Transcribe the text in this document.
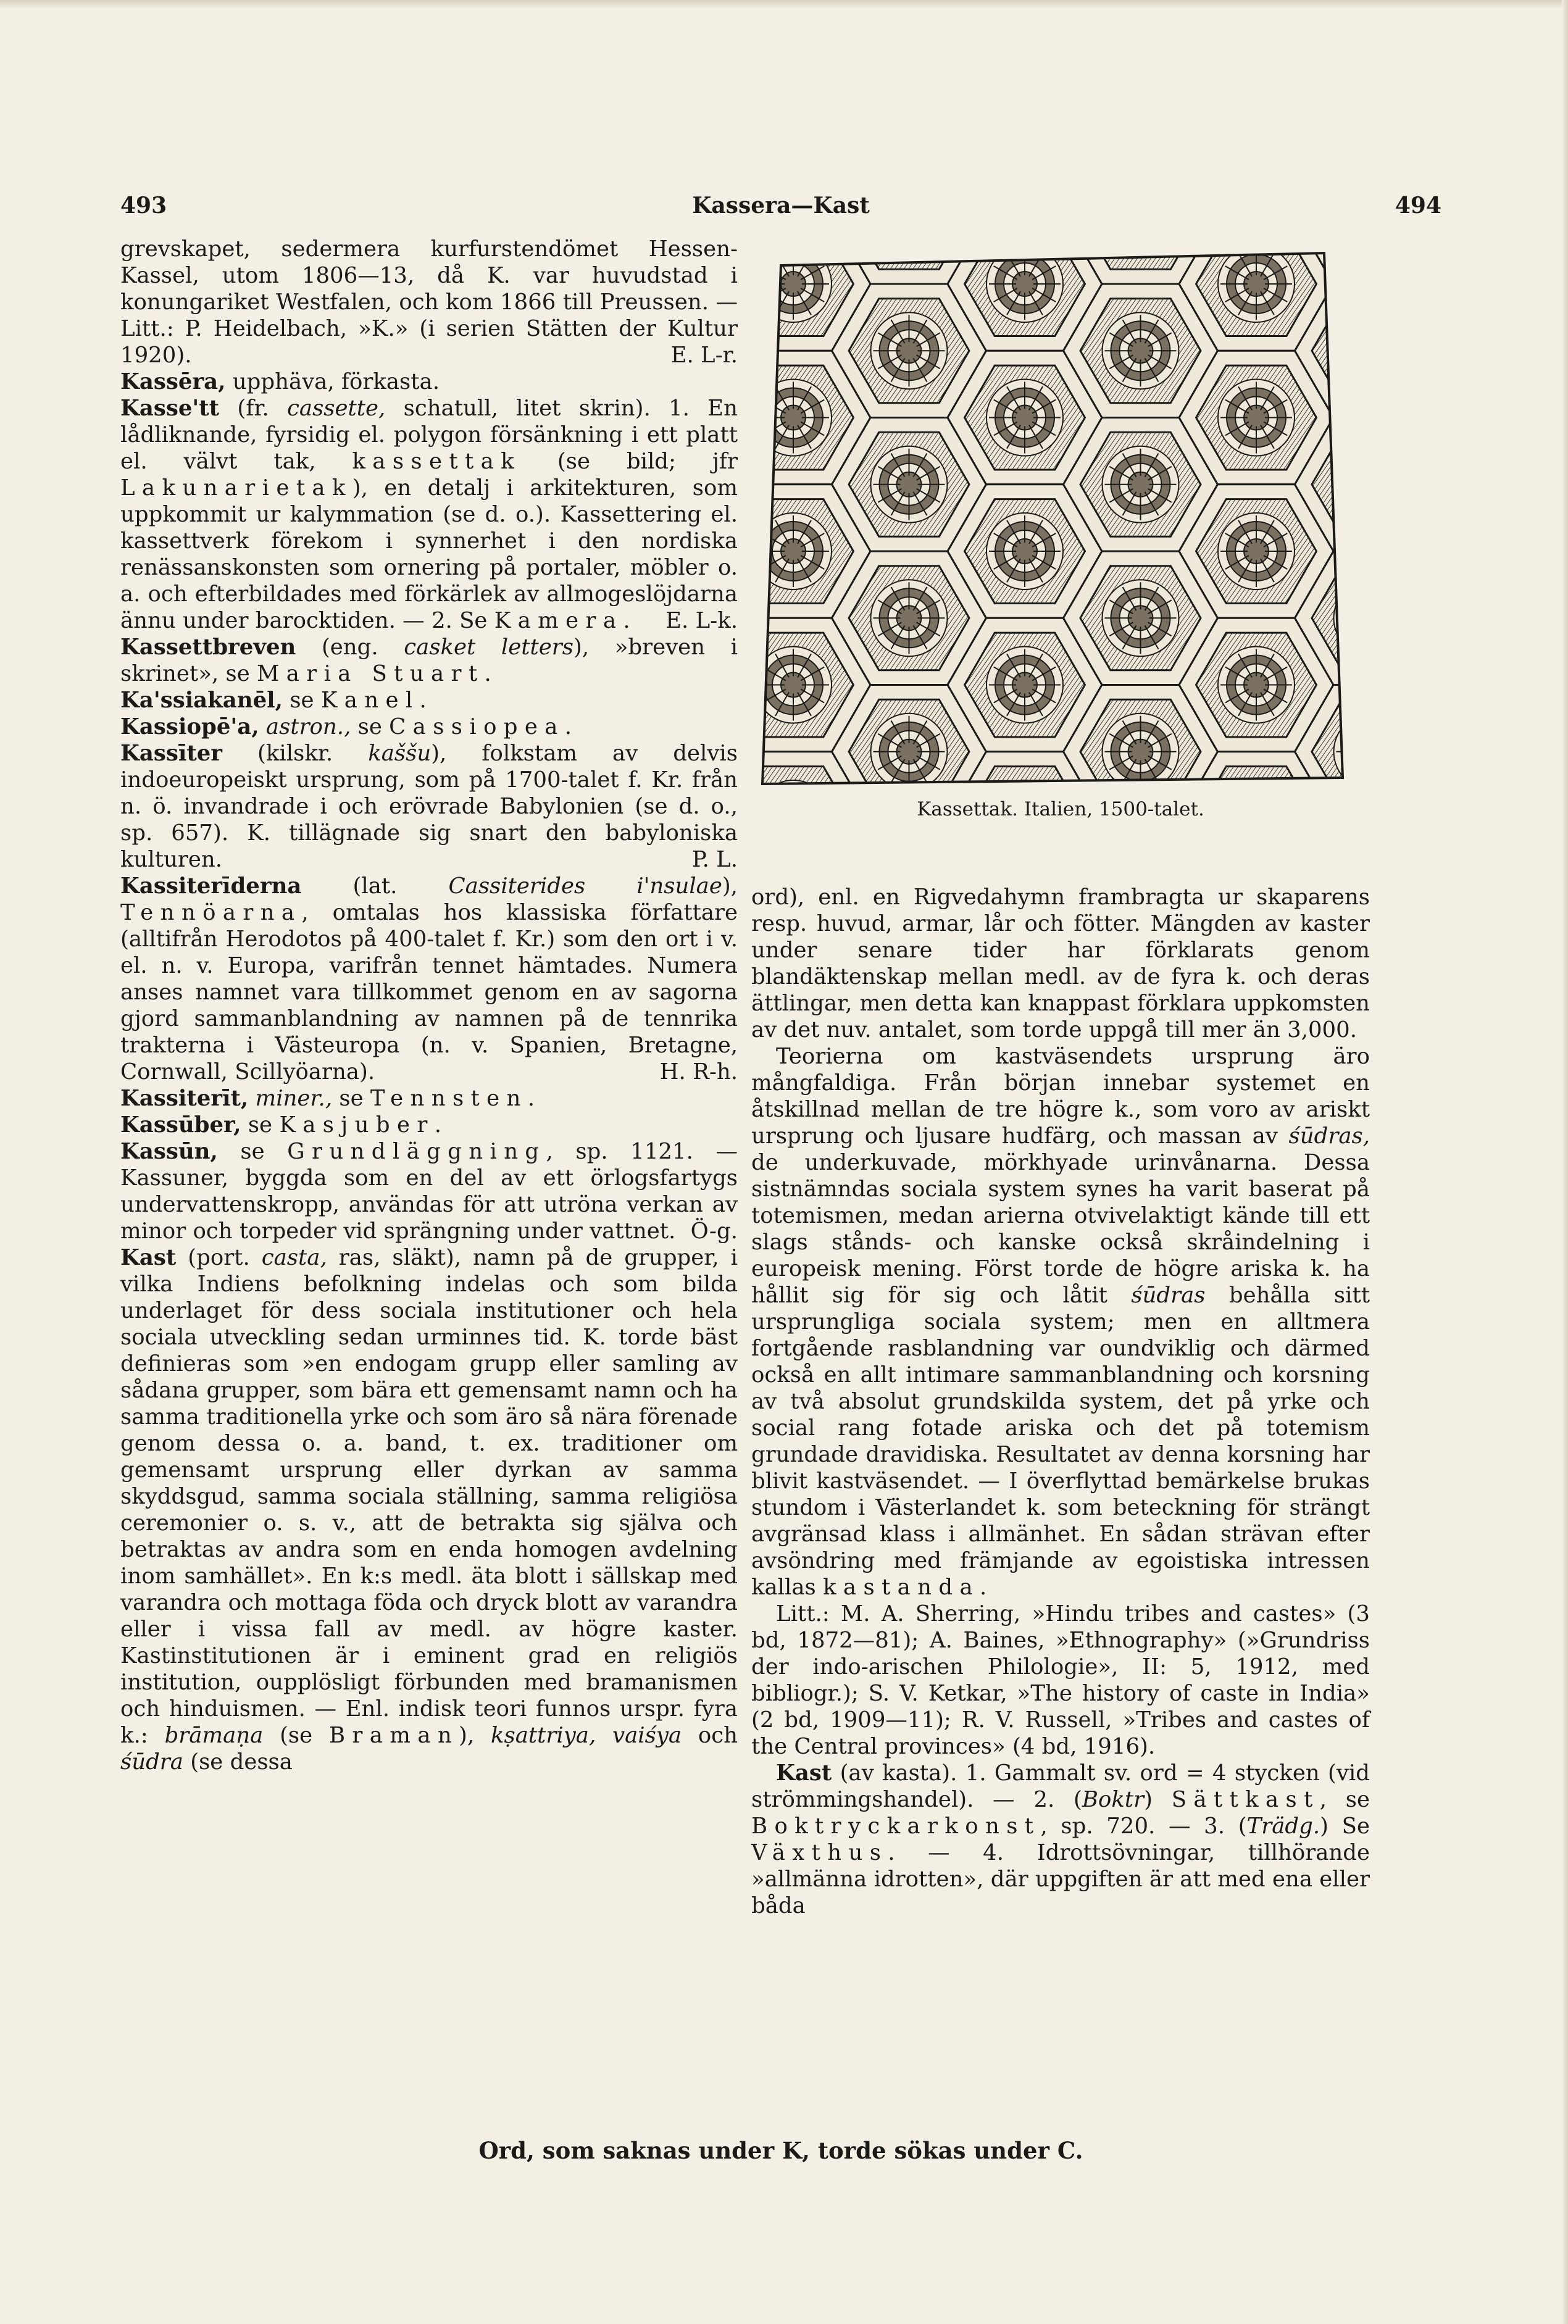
493	Kassera—Kast	494

grevskapet, sedermera kurfurstendömet Hessen-Kassel, utom 1806—13, då K. var huvudstad i konungariket Westfalen, och kom 1866 till Preussen. — Litt.: P. Heidelbach, »K.» (i serien Stätten der Kultur 1920).	E. L-r.

Kassēra, upphäva, förkasta.

Kasse'tt (fr. cassette, schatull, litet skrin). 1. En lådliknande, fyrsidig el. polygon försänkning i ett platt el. välvt tak, kassettak (se bild; jfr Lakunarietak), en detalj i arkitekturen, som uppkommit ur kalymmation (se d. o.). Kassettering el. kassettverk förekom i synnerhet i den nordiska renässanskonsten som ornering på portaler, möbler o. a. och efterbildades med förkärlek av allmogeslöjdarna ännu under barocktiden. — 2. Se Kamera. E. L-k.

Kassettbreven (eng. casket letters), »breven i skrinet», se Maria Stuart.

Ka'ssiakanēl, se Kanel.

Kassiopē'a, astron., se Cassiopea.

Kassīter (kilskr. kaššu), folkstam av delvis indoeuropeiskt ursprung, som på 1700-talet f. Kr. från n. ö. invandrade i och erövrade Babylonien (se d. o., sp. 657). K. tillägnade sig snart den babyloniska kulturen.	P. L.

Kassiterīderna (lat. Cassiterides i'nsulae), Tennöarna, omtalas hos klassiska författare (alltifrån Herodotos på 400-talet f. Kr.) som den ort i v. el. n. v. Europa, varifrån tennet hämtades. Numera anses namnet vara tillkommet genom en av sagorna gjord sammanblandning av namnen på de tennrika trakterna i Västeuropa (n. v. Spanien, Bretagne, Cornwall, Scillyöarna).	H. R-h.

Kassiterīt, miner., se Tennsten.

Kassūber, se Kasjuber.

Kassūn, se Grundläggning, sp. 1121. — Kassuner, byggda som en del av ett örlogsfartygs undervattenskropp, användas för att utröna verkan av minor och torpeder vid sprängning under vattnet. Ö-g.

Kast (port. casta, ras, släkt), namn på de grupper, i vilka Indiens befolkning indelas och som bilda underlaget för dess sociala institutioner och hela sociala utveckling sedan urminnes tid. K. torde bäst definieras som »en endogam grupp eller samling av sådana grupper, som bära ett gemensamt namn och ha samma traditionella yrke och som äro så nära förenade genom dessa o. a. band, t. ex. traditioner om gemensamt ursprung eller dyrkan av samma skyddsgud, samma sociala ställning, samma religiösa ceremonier o. s. v., att de betrakta sig själva och betraktas av andra som en enda homogen avdelning inom samhället». En k:s medl. äta blott i sällskap med varandra och mottaga föda och dryck blott av varandra eller i vissa fall av medl. av högre kaster. Kastinstitutionen är i eminent grad en religiös institution, oupplösligt förbunden med bramanismen och hinduismen. — Enl. indisk teori funnos urspr. fyra k.: brāmaṇa (se Braman), kṣattriya, vaiśya och śūdra (se dessa

Kassettak. Italien, 1500-talet.

ord), enl. en Rigvedahymn frambragta ur skaparens resp. huvud, armar, lår och fötter. Mängden av kaster under senare tider har förklarats genom blandäktenskap mellan medl. av de fyra k. och deras ättlingar, men detta kan knappast förklara uppkomsten av det nuv. antalet, som torde uppgå till mer än 3,000.

Teorierna om kastväsendets ursprung äro mångfaldiga. Från början innebar systemet en åtskillnad mellan de tre högre k., som voro av ariskt ursprung och ljusare hudfärg, och massan av śūdras, de underkuvade, mörkhyade urinvånarna. Dessa sistnämndas sociala system synes ha varit baserat på totemismen, medan arierna otvivelaktigt kände till ett slags stånds- och kanske också skråindelning i europeisk mening. Först torde de högre ariska k. ha hållit sig för sig och låtit śūdras behålla sitt ursprungliga sociala system; men en alltmera fortgående rasblandning var oundviklig och därmed också en allt intimare sammanblandning och korsning av två absolut grundskilda system, det på yrke och social rang fotade ariska och det på totemism grundade dravidiska. Resultatet av denna korsning har blivit kastväsendet. — I överflyttad bemärkelse brukas stundom i Västerlandet k. som beteckning för strängt avgränsad klass i allmänhet. En sådan strävan efter avsöndring med främjande av egoistiska intressen kallas kastanda.

Litt.: M. A. Sherring, »Hindu tribes and castes» (3 bd, 1872—81); A. Baines, »Ethnography» (»Grundriss der indo-arischen Philologie», II: 5, 1912, med bibliogr.); S. V. Ketkar, »The history of caste in India» (2 bd, 1909—11); R. V. Russell, »Tribes and castes of the Central provinces» (4 bd, 1916).

Kast (av kasta). 1. Gammalt sv. ord = 4 stycken (vid strömmingshandel). — 2. (Boktr) Sättkast, se Boktryckarkonst, sp. 720. — 3. (Trädg.) Se Växthus. — 4. Idrottsövningar, tillhörande »allmänna idrotten», där uppgiften är att med ena eller båda

Ord, som saknas under K, torde sökas under C.
